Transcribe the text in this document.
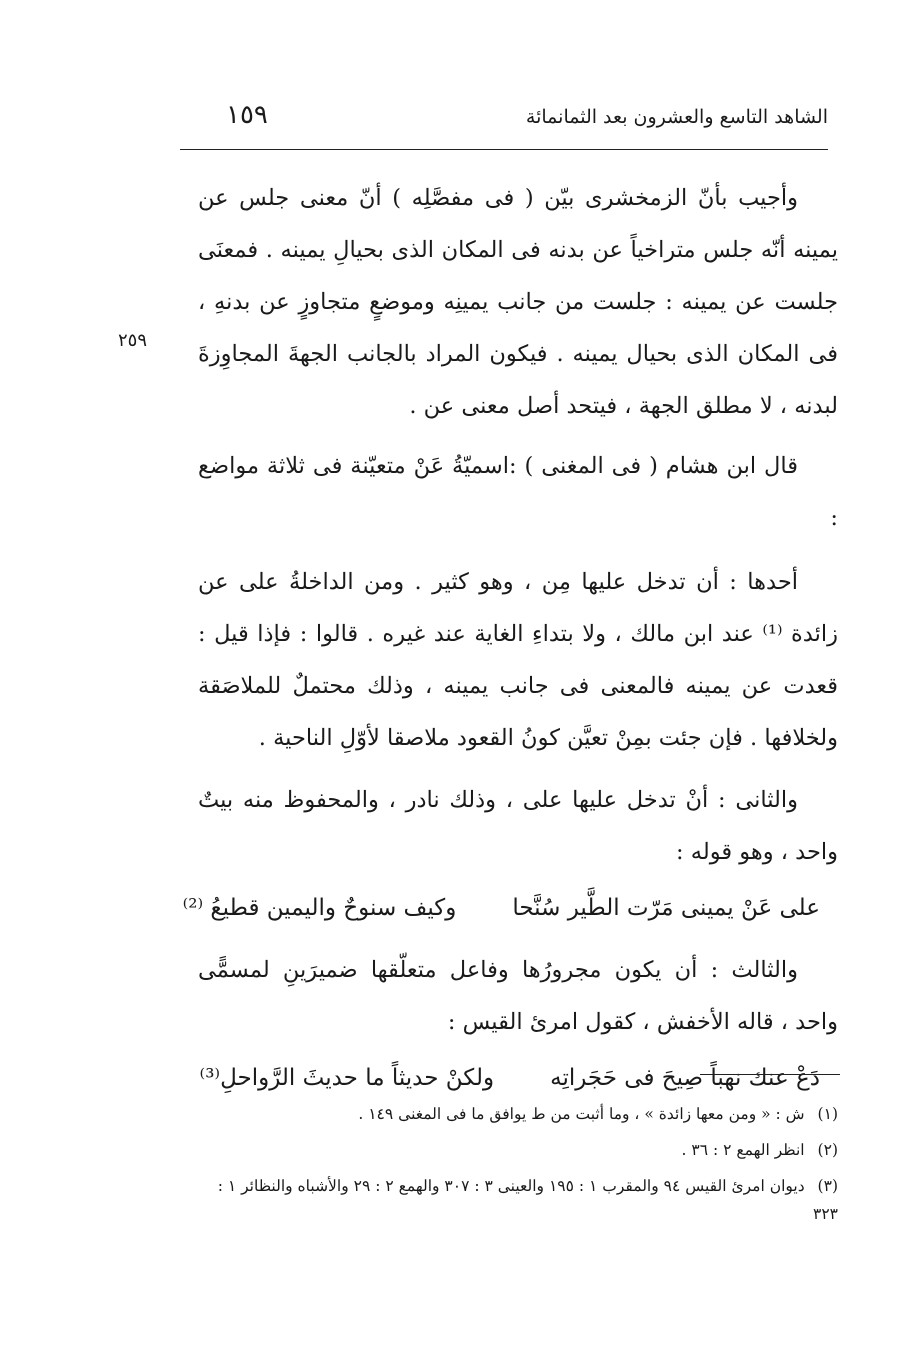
الشاهد التاسع والعشرون بعد الثمانمائة
١٥٩
٢٥٩

وأجيب بأنّ الزمخشرى بيّن ( فى مفصَّلِه ) أنّ معنى جلس عن يمينه أنّه جلس متراخياً عن بدنه فى المكان الذى بحيالِ يمينه . فمعنَى جلست عن يمينه : جلست من جانب يمينِه وموضعٍ متجاوزٍ عن بدنهِ ، فى المكان الذى بحيال يمينه . فيكون المراد بالجانب الجهةَ المجاوِزةَ لبدنه ، لا مطلق الجهة ، فيتحد أصل معنى عن .

قال ابن هشام ( فى المغنى ) :اسميّةُ عَنْ متعيّنة فى ثلاثة مواضع :

أحدها : أن تدخل عليها مِن ، وهو كثير . ومن الداخلةُ على عن زائدة ⁽¹⁾ عند ابن مالك ، ولا بتداءِ الغاية عند غيره . قالوا : فإذا قيل : قعدت عن يمينه فالمعنى فى جانب يمينه ، وذلك محتملٌ للملاصَقة ولخلافها . فإن جئت بمِنْ تعيَّن كونُ القعود ملاصقا لأوّلِ الناحية .

والثانى : أنْ تدخل عليها على ، وذلك نادر ، والمحفوظ منه بيتٌ واحد ، وهو قوله :

على عَنْ يمينى مَرّت الطَّير سُنَّحا
وكيف سنوحٌ واليمين قطيعُ ⁽²⁾

والثالث : أن يكون مجرورُها وفاعل متعلّقها ضميرَينِ لمسمًّى واحد ، قاله الأخفش ، كقول امرئ القيس :

دَعْ عنك نهباً صِيحَ فى حَجَراتِه
ولكنْ حديثاً ما حديثَ الرَّواحلِ⁽³⁾

(١) ش : « ومن معها زائدة » ، وما أثبت من ط يوافق ما فى المغنى ١٤٩ .

(٢) انظر الهمع ٢ : ٣٦ .

(٣) ديوان امرئ القيس ٩٤ والمقرب ١ : ١٩٥ والعينى ٣ : ٣٠٧ والهمع ٢ : ٢٩ والأشباه والنظائر ١ : ٣٢٣
